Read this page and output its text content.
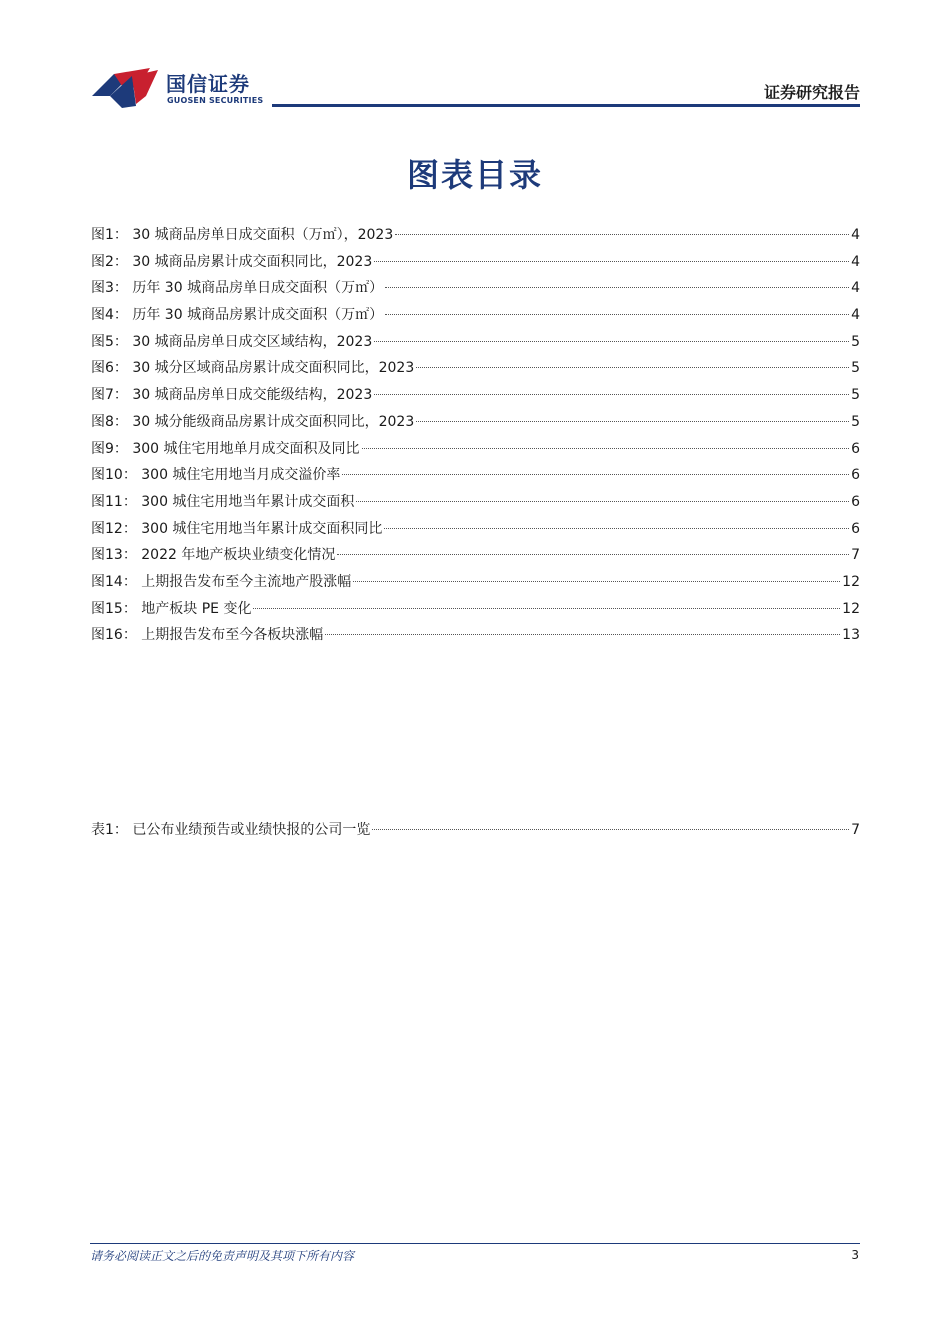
国信证券
GUOSEN SECURITIES	证券研究报告
图表目录
图1： 30 城商品房单日成交面积（万㎡），2023	4
图2： 30 城商品房累计成交面积同比，2023	4
图3： 历年 30 城商品房单日成交面积（万㎡）	4
图4： 历年 30 城商品房累计成交面积（万㎡）	4
图5： 30 城商品房单日成交区域结构，2023	5
图6： 30 城分区域商品房累计成交面积同比，2023	5
图7： 30 城商品房单日成交能级结构，2023	5
图8： 30 城分能级商品房累计成交面积同比，2023	5
图9： 300 城住宅用地单月成交面积及同比	6
图10： 300 城住宅用地当月成交溢价率	6
图11： 300 城住宅用地当年累计成交面积	6
图12： 300 城住宅用地当年累计成交面积同比	6
图13： 2022 年地产板块业绩变化情况	7
图14： 上期报告发布至今主流地产股涨幅	12
图15： 地产板块 PE 变化	12
图16： 上期报告发布至今各板块涨幅	13
表1： 已公布业绩预告或业绩快报的公司一览	7
请务必阅读正文之后的免责声明及其项下所有内容	3
